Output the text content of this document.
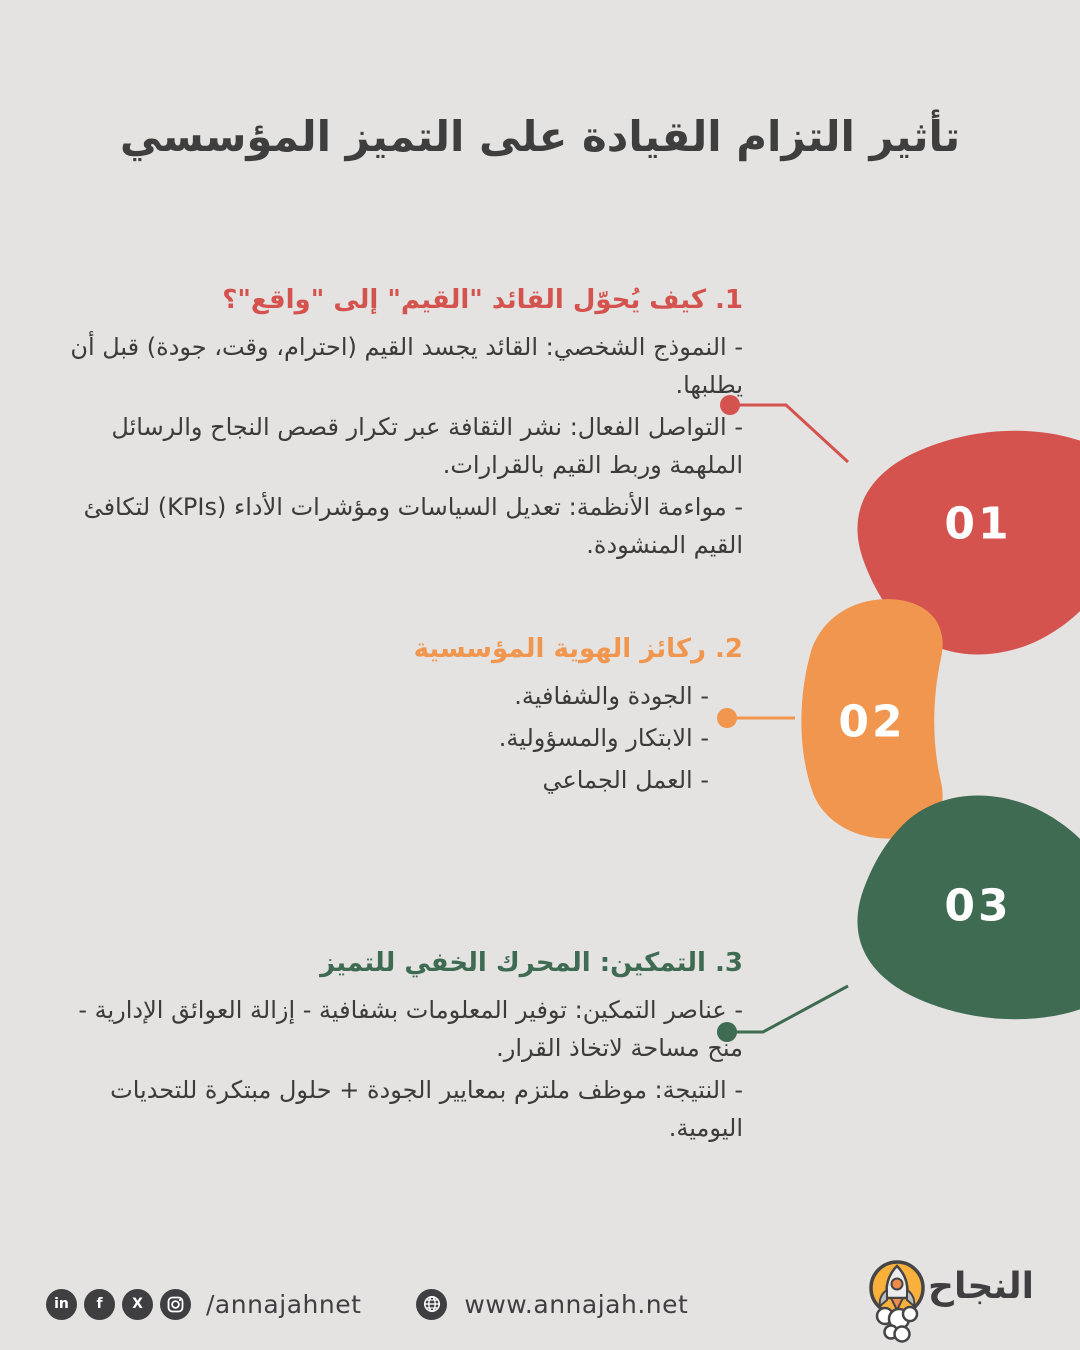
01
02
03
تأثير التزام القيادة على التميز المؤسسي
1. كيف يُحوّل القائد "القيم" إلى "واقع"؟

- النموذج الشخصي: القائد يجسد القيم (احترام، وقت، جودة) قبل أن يطلبها.

- التواصل الفعال: نشر الثقافة عبر تكرار قصص النجاح والرسائل الملهمة وربط القيم بالقرارات.

- مواءمة الأنظمة: تعديل السياسات ومؤشرات الأداء (KPIs) لتكافئ القيم المنشودة.

2. ركائز الهوية المؤسسية

- الجودة والشفافية.

- الابتكار والمسؤولية.

- العمل الجماعي

3. التمكين: المحرك الخفي للتميز

- عناصر التمكين: توفير المعلومات بشفافية - إزالة العوائق الإدارية - منح مساحة لاتخاذ القرار.

- النتيجة: موظف ملتزم بمعايير الجودة + حلول مبتكرة للتحديات اليومية.

in	f	X	/annajahnet	www.annajah.net	النجاح
